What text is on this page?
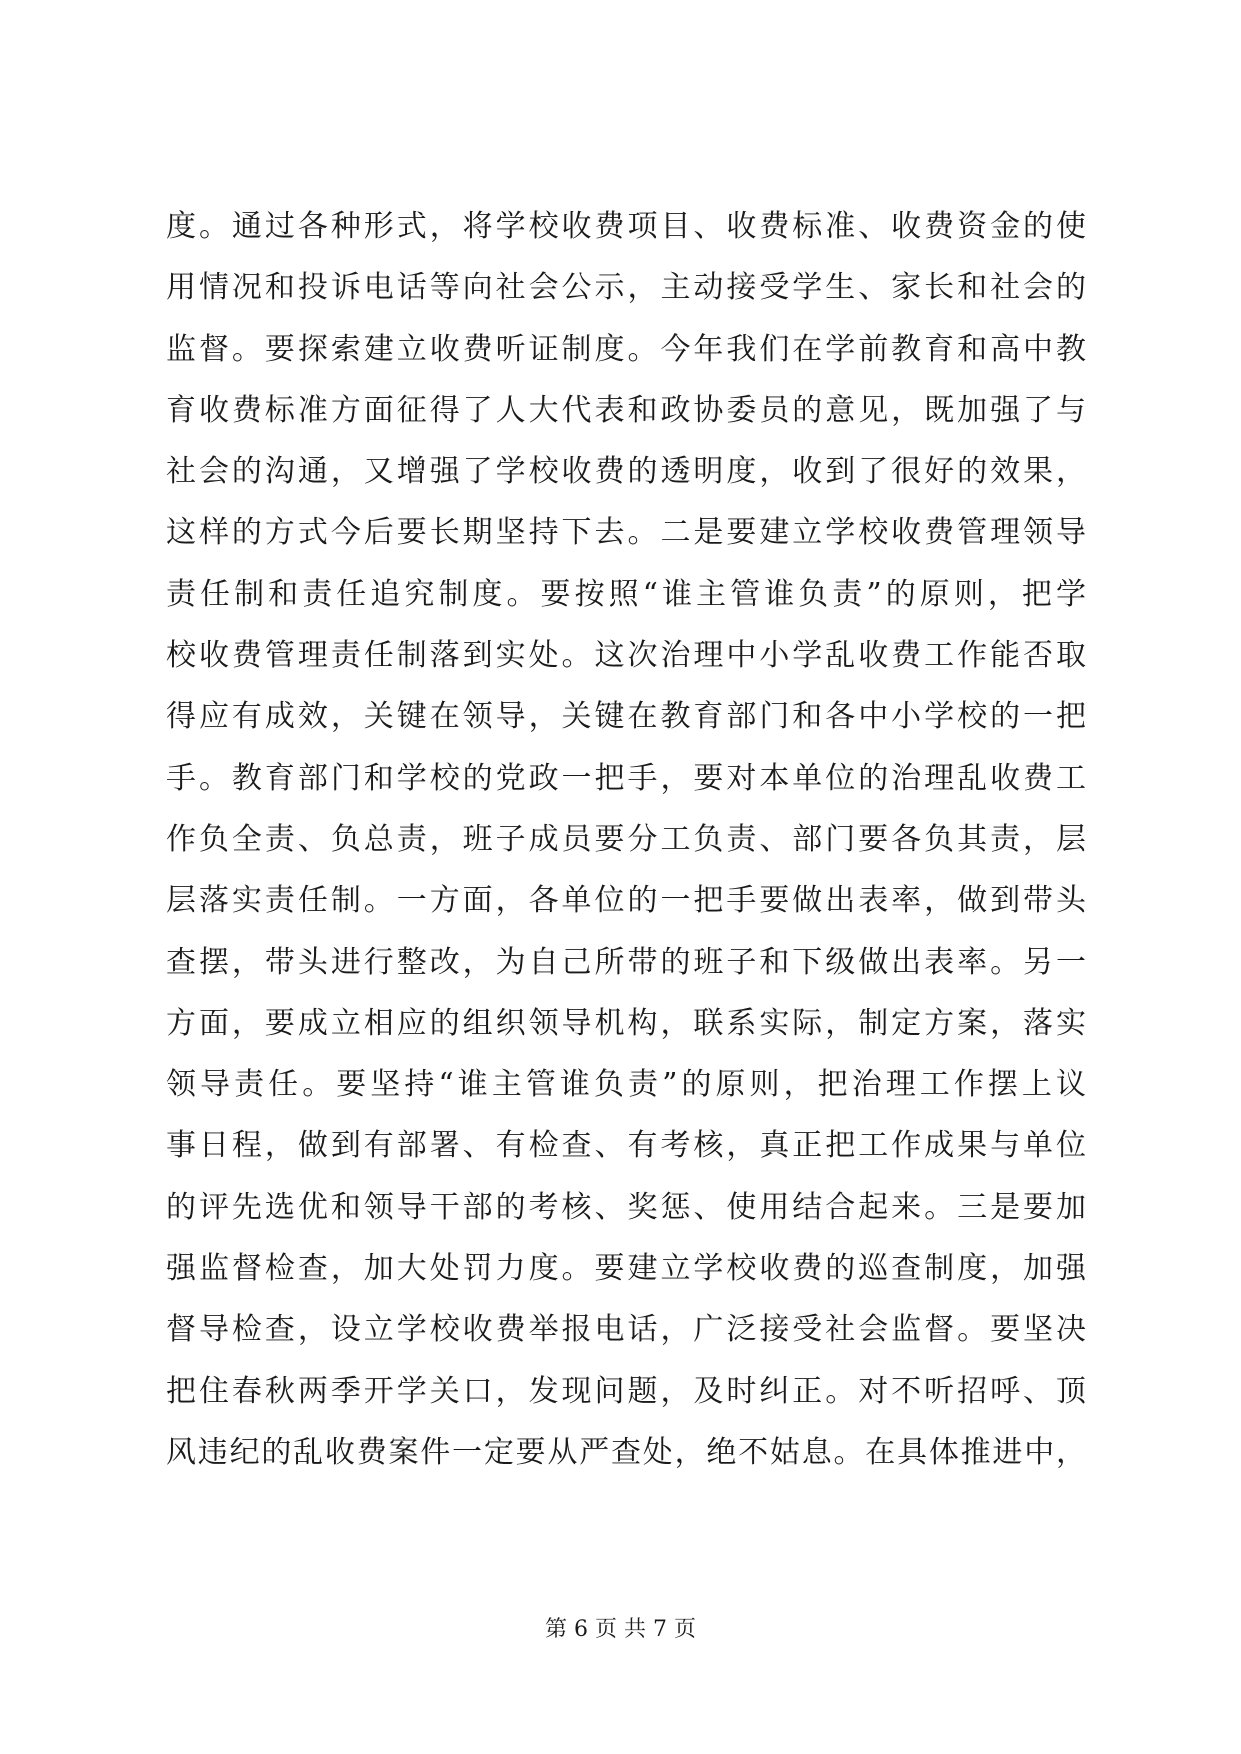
度。通过各种形式，将学校收费项目、收费标准、收费资金的使
用情况和投诉电话等向社会公示，主动接受学生、家长和社会的
监督。要探索建立收费听证制度。今年我们在学前教育和高中教
育收费标准方面征得了人大代表和政协委员的意见，既加强了与
社会的沟通，又增强了学校收费的透明度，收到了很好的效果，
这样的方式今后要长期坚持下去。二是要建立学校收费管理领导
责任制和责任追究制度。要按照“谁主管谁负责”的原则，把学
校收费管理责任制落到实处。这次治理中小学乱收费工作能否取
得应有成效，关键在领导，关键在教育部门和各中小学校的一把
手。教育部门和学校的党政一把手，要对本单位的治理乱收费工
作负全责、负总责，班子成员要分工负责、部门要各负其责，层
层落实责任制。一方面，各单位的一把手要做出表率，做到带头
查摆，带头进行整改，为自己所带的班子和下级做出表率。另一
方面，要成立相应的组织领导机构，联系实际，制定方案，落实
领导责任。要坚持“谁主管谁负责”的原则，把治理工作摆上议
事日程，做到有部署、有检查、有考核，真正把工作成果与单位
的评先选优和领导干部的考核、奖惩、使用结合起来。三是要加
强监督检查，加大处罚力度。要建立学校收费的巡查制度，加强
督导检查，设立学校收费举报电话，广泛接受社会监督。要坚决
把住春秋两季开学关口，发现问题，及时纠正。对不听招呼、顶
风违纪的乱收费案件一定要从严查处，绝不姑息。在具体推进中，
第 6 页 共 7 页
